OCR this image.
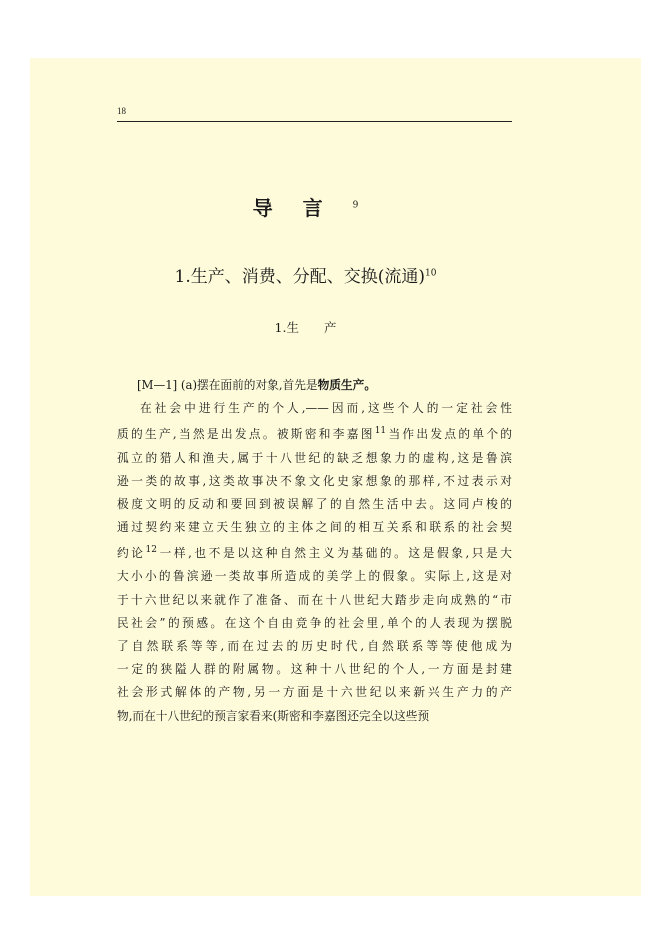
18
导言$^9$
1.生产、消费、分配、交换(流通)$^{10}$
1.生　　产
[M—1] (a)摆在面前的对象,首先是物质生产。
在社会中进行生产的个人,——因而,这些个人的一定社会性
质的生产,当然是出发点。被斯密和李嘉图$^{11}$当作出发点的单个的
孤立的猎人和渔夫,属于十八世纪的缺乏想象力的虚构,这是鲁滨
逊一类的故事,这类故事决不象文化史家想象的那样,不过表示对
极度文明的反动和要回到被误解了的自然生活中去。这同卢梭的
通过契约来建立天生独立的主体之间的相互关系和联系的社会契
约论$^{12}$一样,也不是以这种自然主义为基础的。这是假象,只是大
大小小的鲁滨逊一类故事所造成的美学上的假象。实际上,这是对
于十六世纪以来就作了准备、而在十八世纪大踏步走向成熟的“市
民社会”的预感。在这个自由竞争的社会里,单个的人表现为摆脱
了自然联系等等,而在过去的历史时代,自然联系等等使他成为
一定的狭隘人群的附属物。这种十八世纪的个人,一方面是封建
社会形式解体的产物,另一方面是十六世纪以来新兴生产力的产
物,而在十八世纪的预言家看来(斯密和李嘉图还完全以这些预
